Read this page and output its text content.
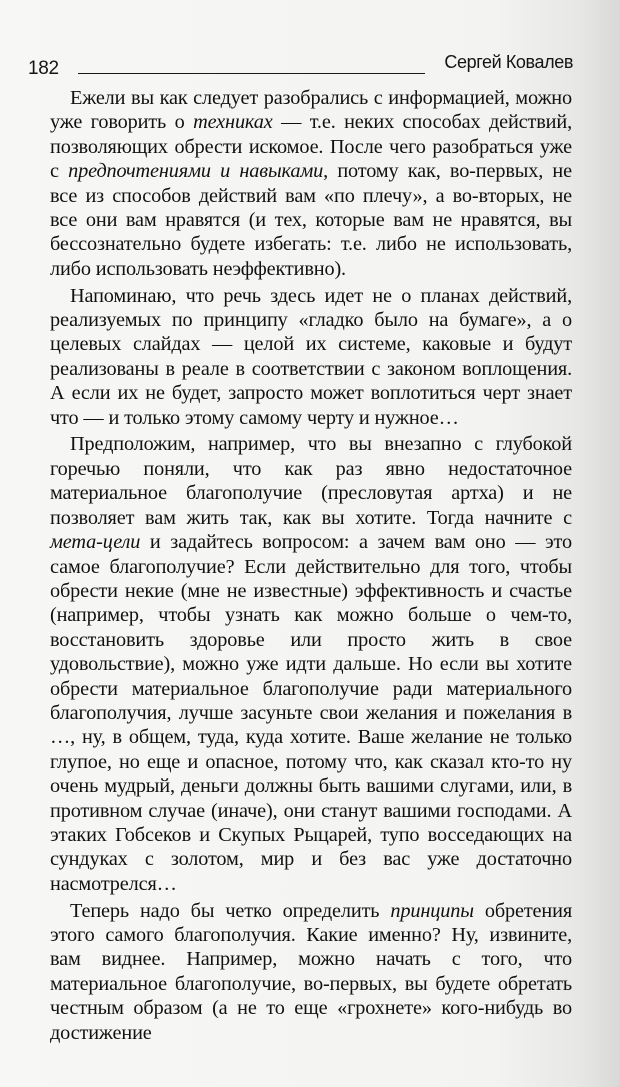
182	Сергей Ковалев

Ежели вы как следует разобрались с информацией, можно уже говорить о техниках — т.е. неких способах действий, позволяющих обрести искомое. После чего разобраться уже с предпочтениями и навыками, потому как, во-первых, не все из способов действий вам «по плечу», а во-вторых, не все они вам нравятся (и тех, которые вам не нравятся, вы бессознательно будете избегать: т.е. либо не использовать, либо использовать неэффективно).

Напоминаю, что речь здесь идет не о планах действий, реализуемых по принципу «гладко было на бумаге», а о целевых слайдах — целой их системе, каковые и будут реализованы в реале в соответствии с законом воплощения. А если их не будет, запросто может воплотиться черт знает что — и только этому самому черту и нужное…

Предположим, например, что вы внезапно с глубокой горечью поняли, что как раз явно недостаточное материальное благополучие (пресловутая артха) и не позволяет вам жить так, как вы хотите. Тогда начните с мета-цели и задайтесь вопросом: а зачем вам оно — это самое благополучие? Если действительно для того, чтобы обрести некие (мне не известные) эффективность и счастье (например, чтобы узнать как можно больше о чем-то, восстановить здоровье или просто жить в свое удовольствие), можно уже идти дальше. Но если вы хотите обрести материальное благополучие ради материального благополучия, лучше засуньте свои желания и пожелания в …, ну, в общем, туда, куда хотите. Ваше желание не только глупое, но еще и опасное, потому что, как сказал кто-то ну очень мудрый, деньги должны быть вашими слугами, или, в противном случае (иначе), они станут вашими господами. А этаких Гобсеков и Скупых Рыцарей, тупо восседающих на сундуках с золотом, мир и без вас уже достаточно насмотрелся…

Теперь надо бы четко определить принципы обретения этого самого благополучия. Какие именно? Ну, извините, вам виднее. Например, можно начать с того, что материальное благополучие, во-первых, вы будете обретать честным образом (а не то еще «грохнете» кого-нибудь во достижение
